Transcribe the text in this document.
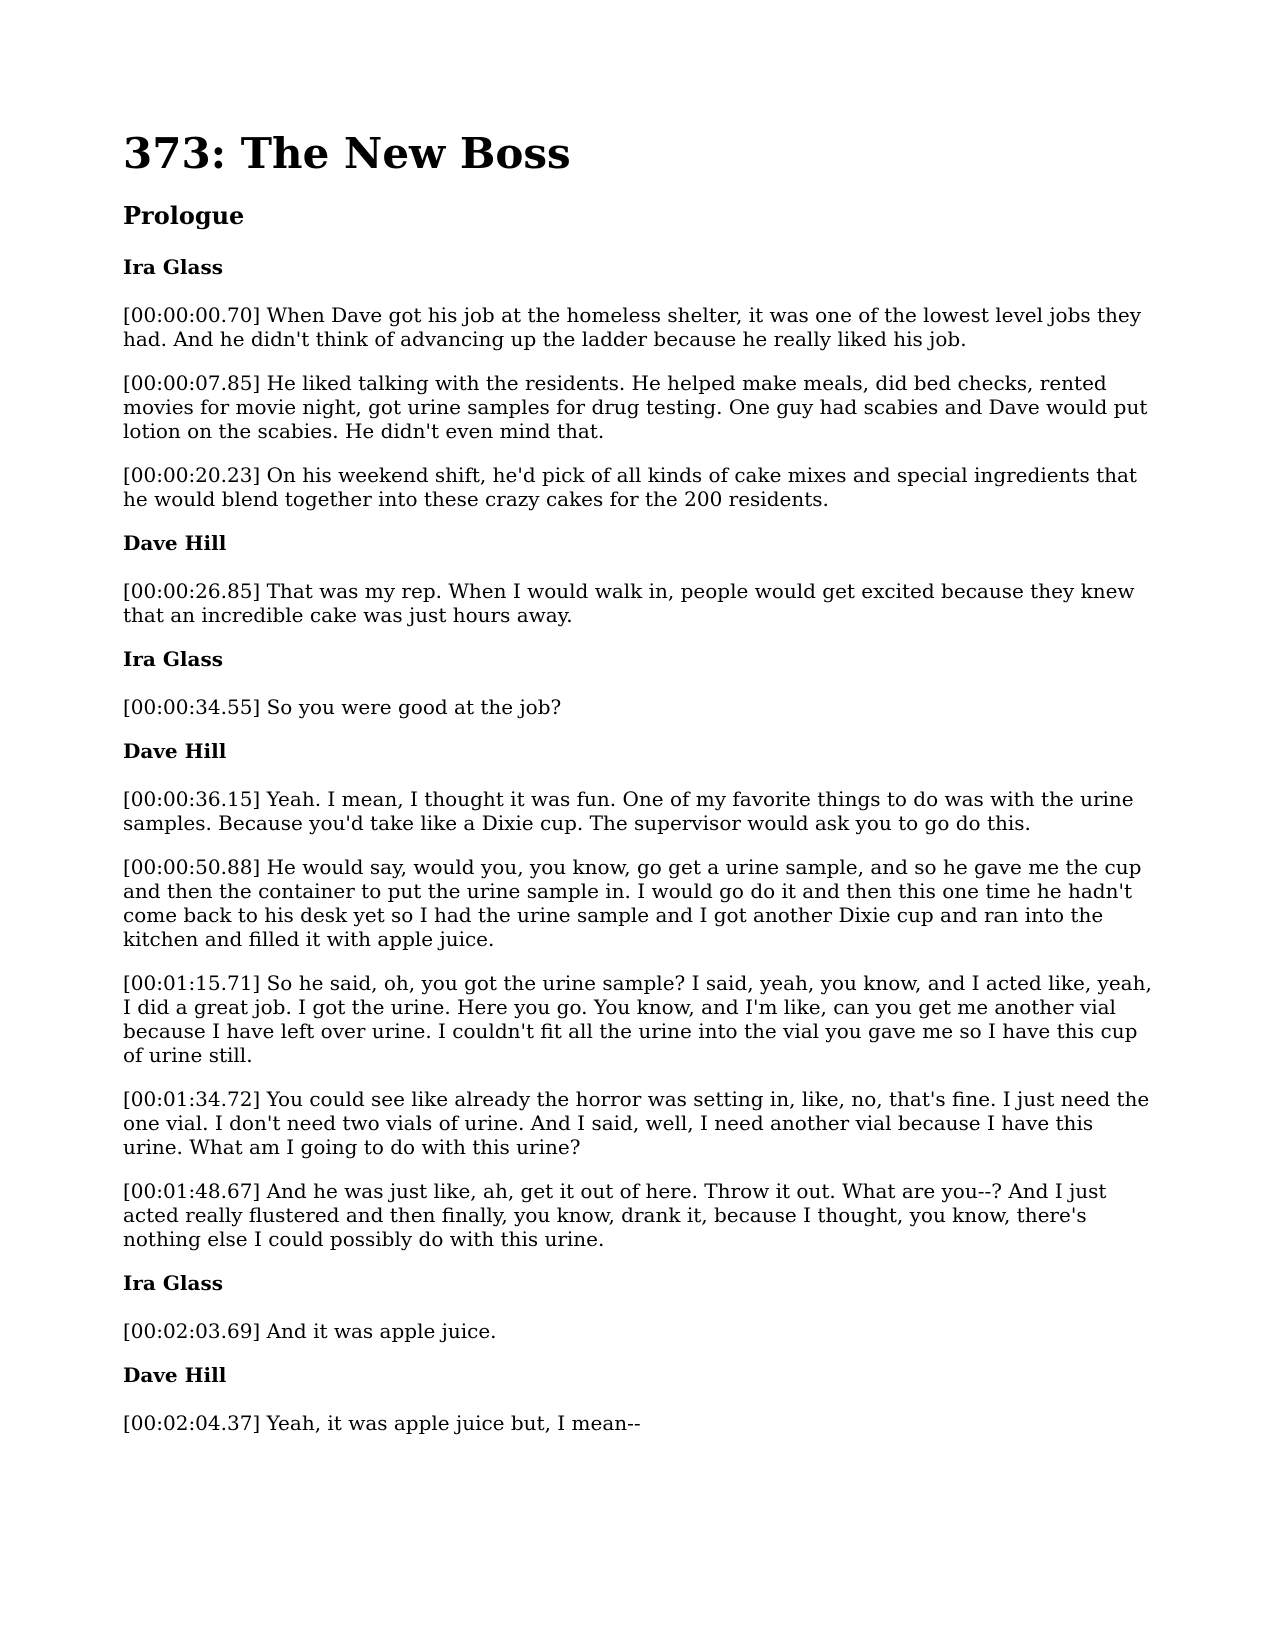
373: The New Boss
Prologue
Ira Glass

[00:00:00.70] When Dave got his job at the homeless shelter, it was one of the lowest level jobs they had. And he didn't think of advancing up the ladder because he really liked his job.

[00:00:07.85] He liked talking with the residents. He helped make meals, did bed checks, rented movies for movie night, got urine samples for drug testing. One guy had scabies and Dave would put lotion on the scabies. He didn't even mind that.

[00:00:20.23] On his weekend shift, he'd pick of all kinds of cake mixes and special ingredients that he would blend together into these crazy cakes for the 200 residents.

Dave Hill

[00:00:26.85] That was my rep. When I would walk in, people would get excited because they knew that an incredible cake was just hours away.

Ira Glass

[00:00:34.55] So you were good at the job?

Dave Hill

[00:00:36.15] Yeah. I mean, I thought it was fun. One of my favorite things to do was with the urine samples. Because you'd take like a Dixie cup. The supervisor would ask you to go do this.

[00:00:50.88] He would say, would you, you know, go get a urine sample, and so he gave me the cup and then the container to put the urine sample in. I would go do it and then this one time he hadn't come back to his desk yet so I had the urine sample and I got another Dixie cup and ran into the kitchen and filled it with apple juice.

[00:01:15.71] So he said, oh, you got the urine sample? I said, yeah, you know, and I acted like, yeah, I did a great job. I got the urine. Here you go. You know, and I'm like, can you get me another vial because I have left over urine. I couldn't fit all the urine into the vial you gave me so I have this cup of urine still.

[00:01:34.72] You could see like already the horror was setting in, like, no, that's fine. I just need the one vial. I don't need two vials of urine. And I said, well, I need another vial because I have this urine. What am I going to do with this urine?

[00:01:48.67] And he was just like, ah, get it out of here. Throw it out. What are you--? And I just acted really flustered and then finally, you know, drank it, because I thought, you know, there's nothing else I could possibly do with this urine.

Ira Glass

[00:02:03.69] And it was apple juice.

Dave Hill

[00:02:04.37] Yeah, it was apple juice but, I mean--
